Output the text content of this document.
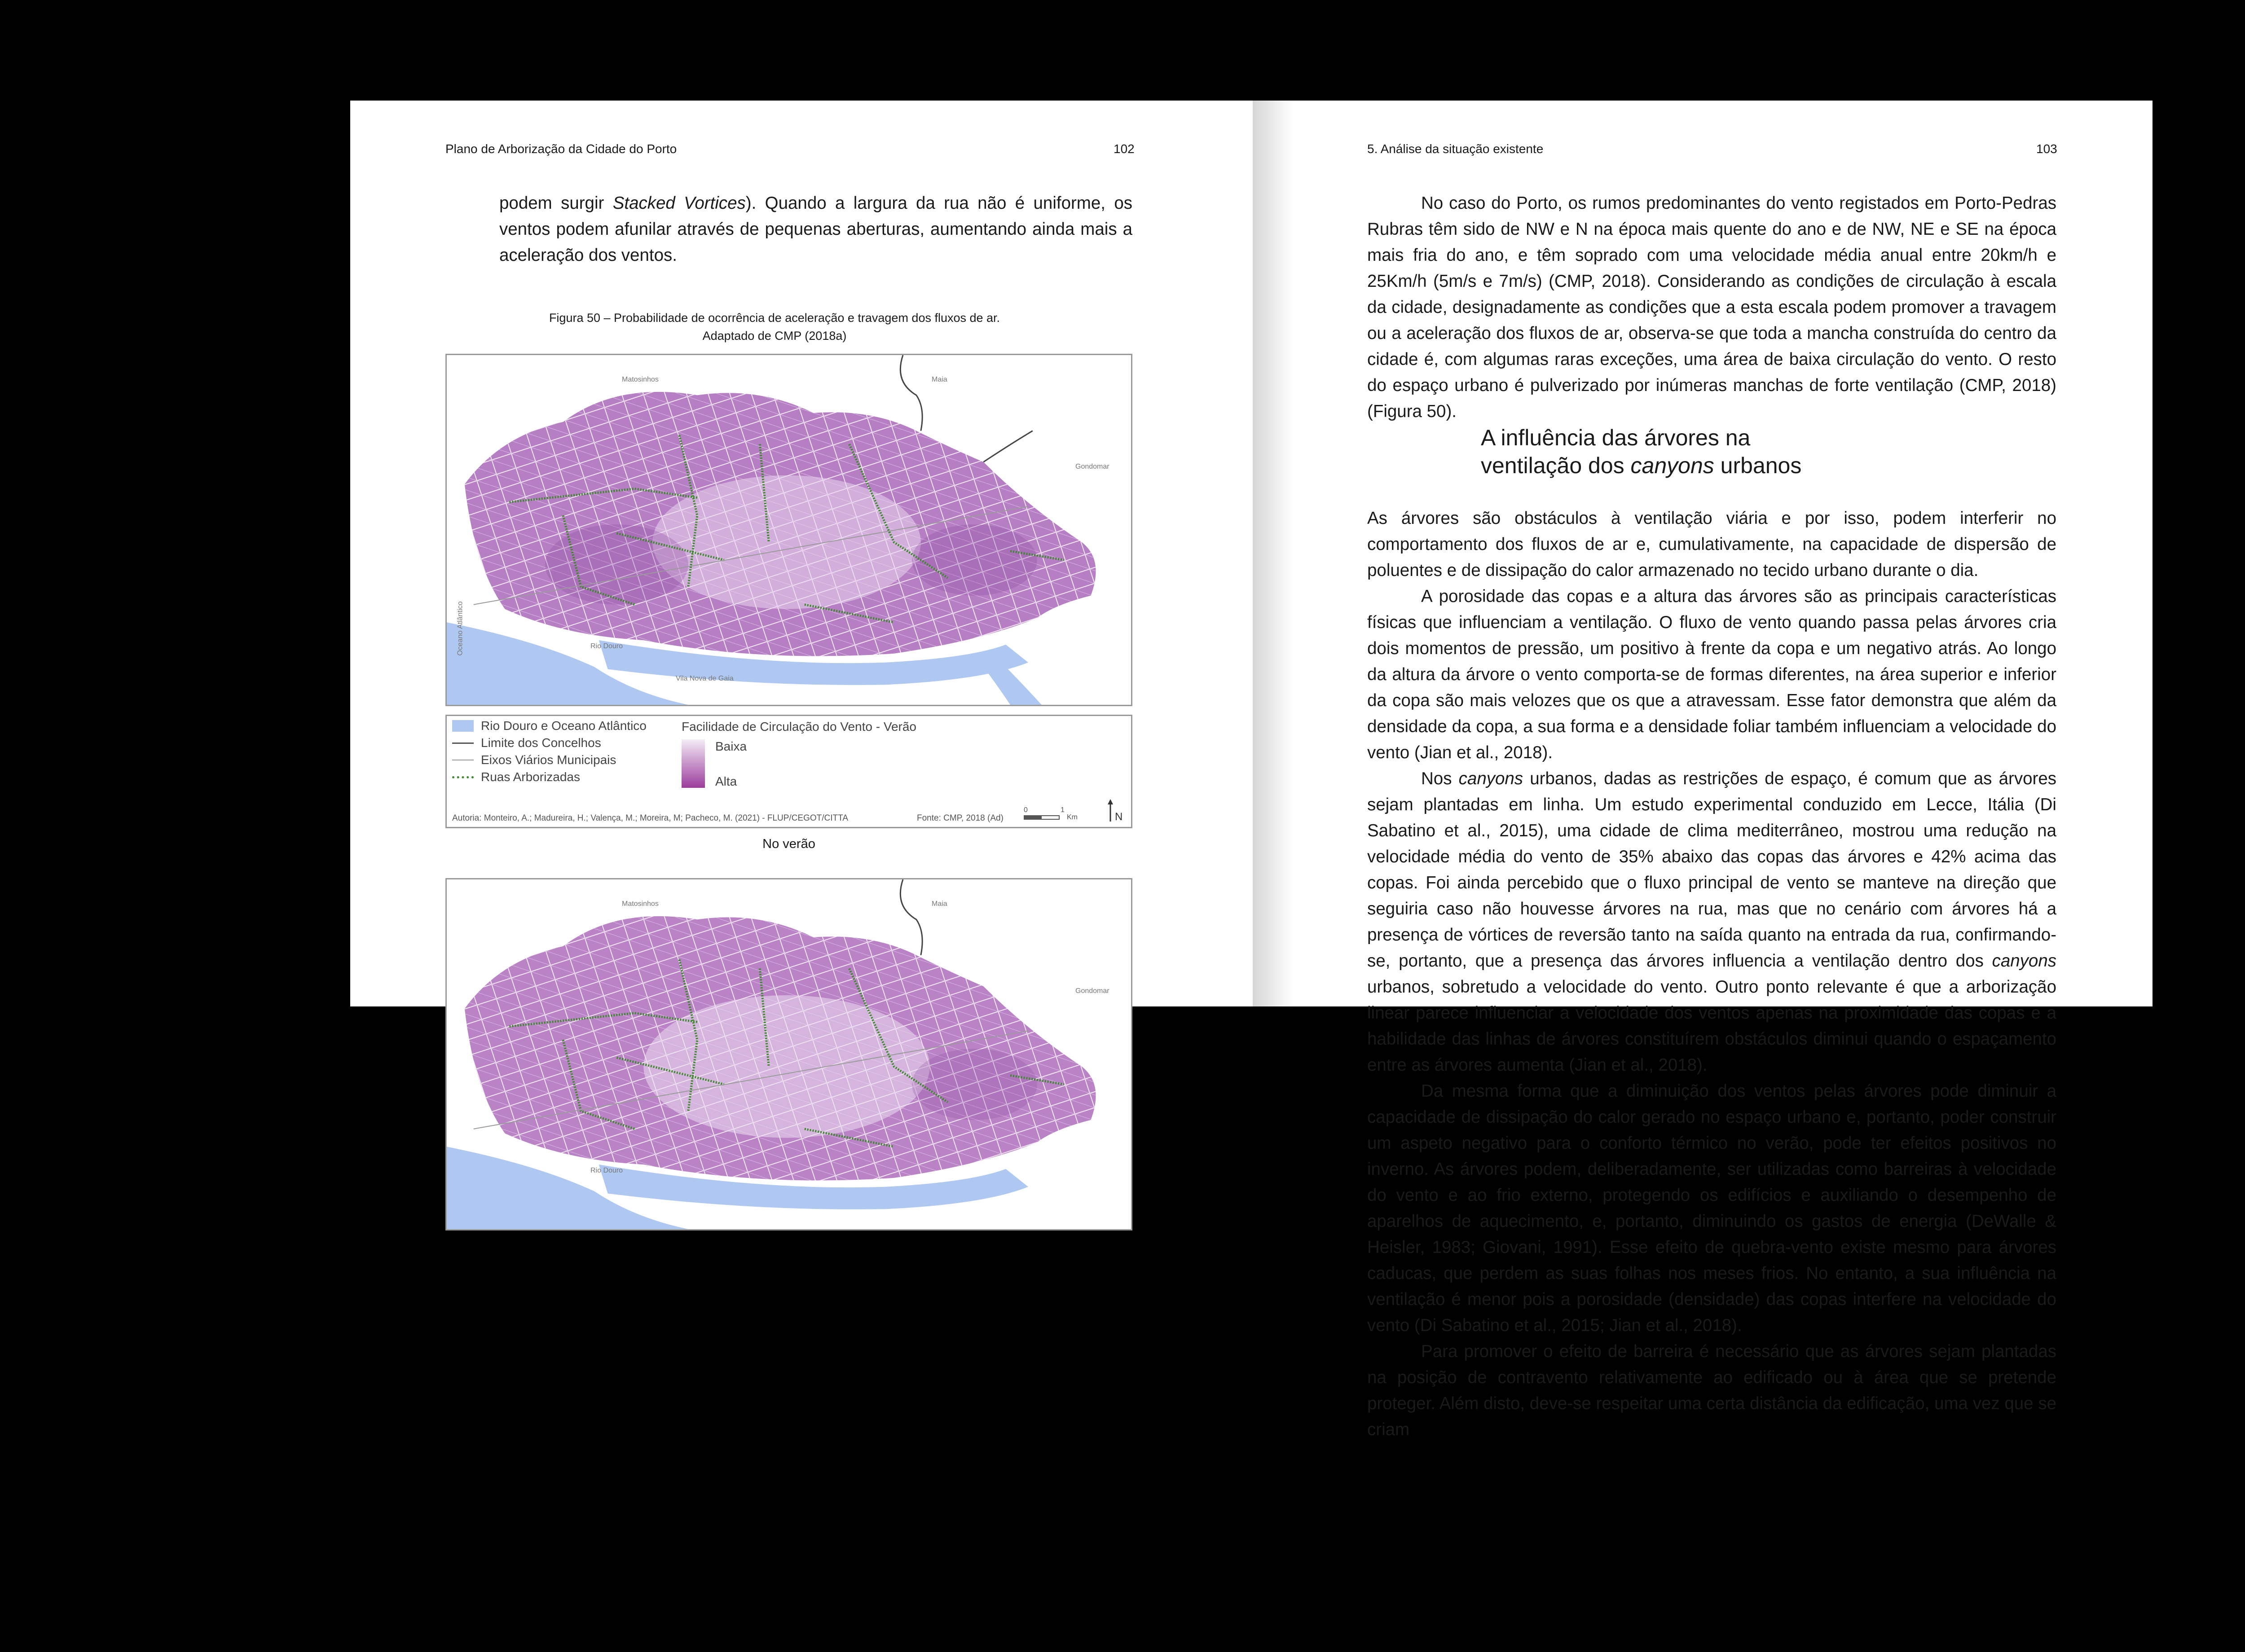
Plano de Arborização da Cidade do Porto	102

podem surgir Stacked Vortices). Quando a largura da rua não é uniforme, os ventos podem afunilar através de pequenas aberturas, aumentando ainda mais a aceleração dos ventos.

Figura 50 – Probabilidade de ocorrência de aceleração e travagem dos fluxos de ar.
Adaptado de CMP (2018a)
Matosinhos	Maia
Gondomar
Oceano Atlântico	Rio Douro
Vila Nova de Gaia
Rio Douro e Oceano Atlântico
Limite dos Concelhos
Eixos Viários Municipais
Ruas Arborizadas
Facilidade de Circulação do Vento - Verão
Baixa
Alta
Autoria: Monteiro, A.; Madureira, H.; Valença, M.; Moreira, M; Pacheco, M. (2021) - FLUP/CEGOT/CITTA	Fonte: CMP, 2018 (Ad)
0	1
Km	N
No verão
Matosinhos	Maia
Gondomar
Rio Douro
5. Análise da situação existente	103

No caso do Porto, os rumos predominantes do vento registados em Porto-Pedras Rubras têm sido de NW e N na época mais quente do ano e de NW, NE e SE na época mais fria do ano, e têm soprado com uma velocidade média anual entre 20km/h e 25Km/h (5m/s e 7m/s) (CMP, 2018). Considerando as condições de circulação à escala da cidade, designadamente as condições que a esta escala podem promover a travagem ou a aceleração dos fluxos de ar, observa-se que toda a mancha construída do centro da cidade é, com algumas raras exceções, uma área de baixa circulação do vento. O resto do espaço urbano é pulverizado por inúmeras manchas de forte ventilação (CMP, 2018) (Figura 50).

A influência das árvores na
ventilação dos canyons urbanos

As árvores são obstáculos à ventilação viária e por isso, podem interferir no comportamento dos fluxos de ar e, cumulativamente, na capacidade de dispersão de poluentes e de dissipação do calor armazenado no tecido urbano durante o dia.

A porosidade das copas e a altura das árvores são as principais características físicas que influenciam a ventilação. O fluxo de vento quando passa pelas árvores cria dois momentos de pressão, um positivo à frente da copa e um negativo atrás. Ao longo da altura da árvore o vento comporta-se de formas diferentes, na área superior e inferior da copa são mais velozes que os que a atravessam. Esse fator demonstra que além da densidade da copa, a sua forma e a densidade foliar também influenciam a velocidade do vento (Jian et al., 2018).

Nos canyons urbanos, dadas as restrições de espaço, é comum que as árvores sejam plantadas em linha. Um estudo experimental conduzido em Lecce, Itália (Di Sabatino et al., 2015), uma cidade de clima mediterrâneo, mostrou uma redução na velocidade média do vento de 35% abaixo das copas das árvores e 42% acima das copas. Foi ainda percebido que o fluxo principal de vento se manteve na direção que seguiria caso não houvesse árvores na rua, mas que no cenário com árvores há a presença de vórtices de reversão tanto na saída quanto na entrada da rua, confirmando-se, portanto, que a presença das árvores influencia a ventilação dentro dos canyons urbanos, sobretudo a velocidade do vento. Outro ponto relevante é que a arborização linear parece influenciar a velocidade dos ventos apenas na proximidade das copas e a habilidade das linhas de árvores constituírem obstáculos diminui quando o espaçamento entre as árvores aumenta (Jian et al., 2018).

Da mesma forma que a diminuição dos ventos pelas árvores pode diminuir a capacidade de dissipação do calor gerado no espaço urbano e, portanto, poder construir um aspeto negativo para o conforto térmico no verão, pode ter efeitos positivos no inverno. As árvores podem, deliberadamente, ser utilizadas como barreiras à velocidade do vento e ao frio externo, protegendo os edifícios e auxiliando o desempenho de aparelhos de aquecimento, e, portanto, diminuindo os gastos de energia (DeWalle & Heisler, 1983; Giovani, 1991). Esse efeito de quebra-vento existe mesmo para árvores caducas, que perdem as suas folhas nos meses frios. No entanto, a sua influência na ventilação é menor pois a porosidade (densidade) das copas interfere na velocidade do vento (Di Sabatino et al., 2015; Jian et al., 2018).

Para promover o efeito de barreira é necessário que as árvores sejam plantadas na posição de contravento relativamente ao edificado ou à área que se pretende proteger. Além disto, deve-se respeitar uma certa distância da edificação, uma vez que se criam
